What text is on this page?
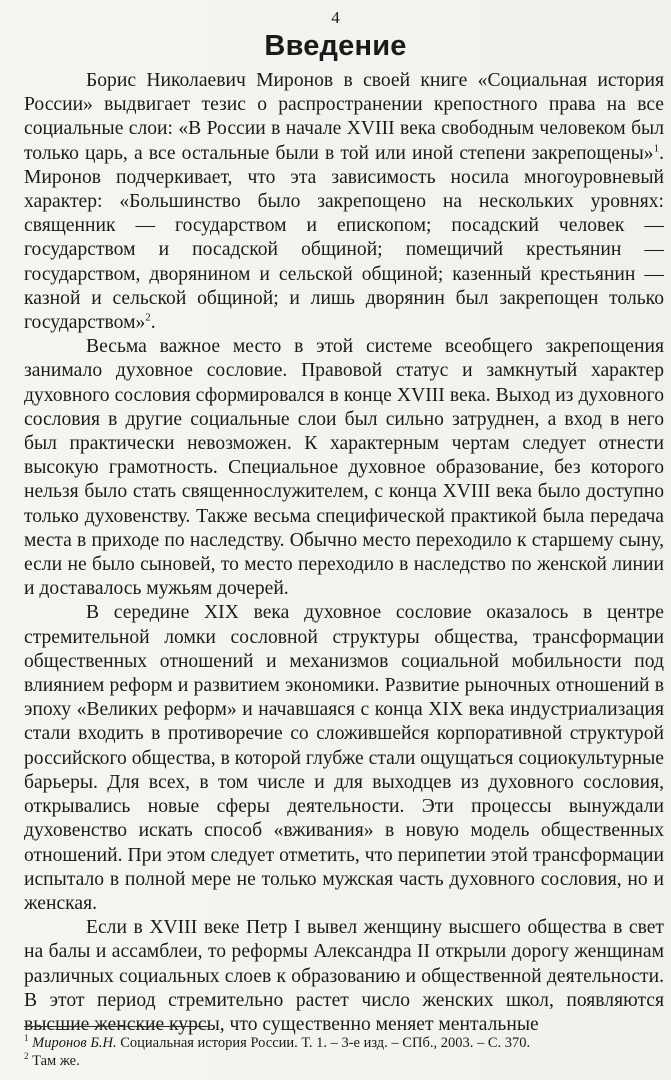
4
Введение

Борис Николаевич Миронов в своей книге «Социальная история России» выдвигает тезис о распространении крепостного права на все социальные слои: «В России в начале XVIII века свободным человеком был только царь, а все остальные были в той или иной степени закрепощены»$^1$. Миронов подчеркивает, что эта зависимость носила многоуровневый характер: «Большинство было закрепощено на нескольких уровнях: священник — государством и епископом; посадский человек — государством и посадской общиной; помещичий крестьянин — государством, дворянином и сельской общиной; казенный крестьянин — казной и сельской общиной; и лишь дворянин был закрепощен только государством»$^2$.

Весьма важное место в этой системе всеобщего закрепощения занимало духовное сословие. Правовой статус и замкнутый характер духовного сословия сформировался в конце XVIII века. Выход из духовного сословия в другие социальные слои был сильно затруднен, а вход в него был практически невозможен. К характерным чертам следует отнести высокую грамотность. Специальное духовное образование, без которого нельзя было стать священнослужителем, с конца XVIII века было доступно только духовенству. Также весьма специфической практикой была передача места в приходе по наследству. Обычно место переходило к старшему сыну, если не было сыновей, то место переходило в наследство по женской линии и доставалось мужьям дочерей.

В середине XIX века духовное сословие оказалось в центре стремительной ломки сословной структуры общества, трансформации общественных отношений и механизмов социальной мобильности под влиянием реформ и развитием экономики. Развитие рыночных отношений в эпоху «Великих реформ» и начавшаяся с конца XIX века индустриализация стали входить в противоречие со сложившейся корпоративной структурой российского общества, в которой глубже стали ощущаться социокультурные барьеры. Для всех, в том числе и для выходцев из духовного сословия, открывались новые сферы деятельности. Эти процессы вынуждали духовенство искать способ «вживания» в новую модель общественных отношений. При этом следует отметить, что перипетии этой трансформации испытало в полной мере не только мужская часть духовного сословия, но и женская.

Если в XVIII веке Петр I вывел женщину высшего общества в свет на балы и ассамблеи, то реформы Александра II открыли дорогу женщинам различных социальных слоев к образованию и общественной деятельности. В этот период стремительно растет число женских школ, появляются высшие женские курсы, что существенно меняет ментальные

$^1$ Миронов Б.Н. Социальная история России. Т. 1. – 3-е изд. – СПб., 2003. – С. 370.
$^2$ Там же.
